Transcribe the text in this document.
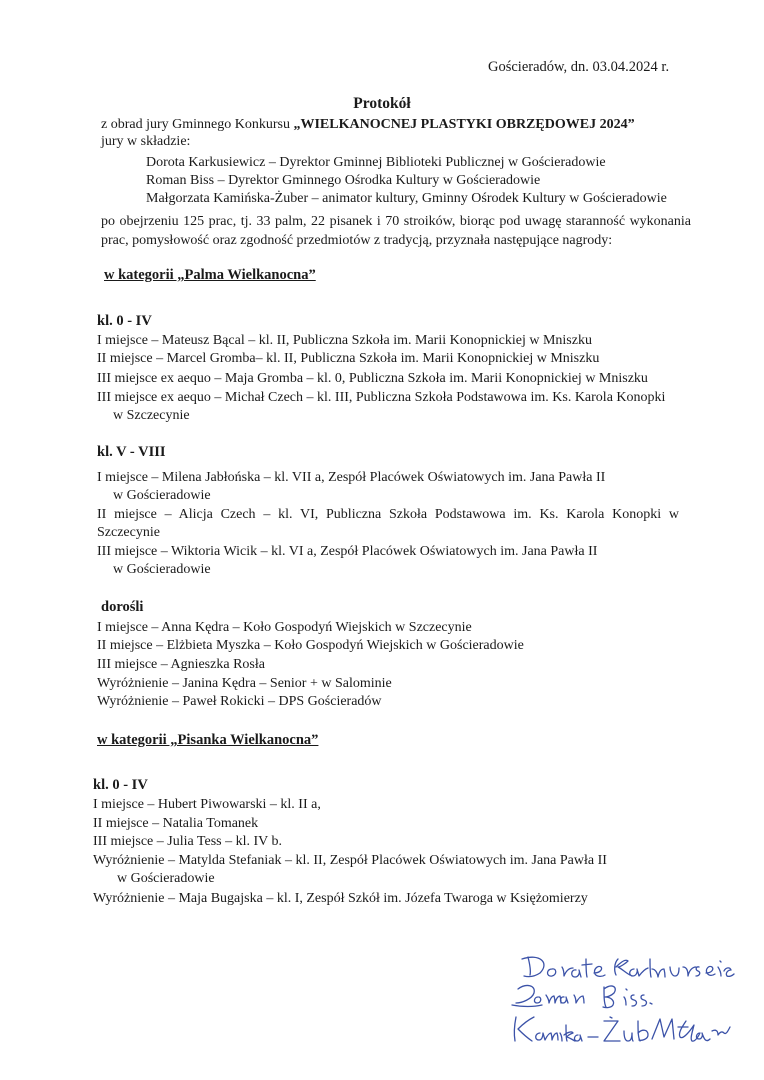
Gościeradów, dn. 03.04.2024 r.
Protokół
z obrad jury Gminnego Konkursu „WIELKANOCNEJ PLASTYKI OBRZĘDOWEJ 2024”
jury w składzie:
Dorota Karkusiewicz – Dyrektor Gminnej Biblioteki Publicznej w Gościeradowie
Roman Biss – Dyrektor Gminnego Ośrodka Kultury w Gościeradowie
Małgorzata Kamińska-Żuber – animator kultury, Gminny Ośrodek Kultury w Gościeradowie
po obejrzeniu 125 prac, tj. 33 palm, 22 pisanek i 70 stroików, biorąc pod uwagę staranność wykonania prac, pomysłowość oraz zgodność przedmiotów z tradycją, przyznała następujące nagrody:
w kategorii „Palma Wielkanocna”
kl. 0 - IV
I miejsce – Mateusz Bącal – kl. II, Publiczna Szkoła im. Marii Konopnickiej w Mniszku
II miejsce – Marcel Gromba– kl. II, Publiczna Szkoła im. Marii Konopnickiej w Mniszku
III miejsce ex aequo – Maja Gromba – kl. 0, Publiczna Szkoła im. Marii Konopnickiej w Mniszku
III miejsce ex aequo – Michał Czech – kl. III, Publiczna Szkoła Podstawowa im. Ks. Karola Konopki
w Szczecynie
kl. V - VIII
I miejsce – Milena Jabłońska – kl. VII a, Zespół Placówek Oświatowych im. Jana Pawła II
w Gościeradowie
II miejsce – Alicja Czech – kl. VI, Publiczna Szkoła Podstawowa im. Ks. Karola Konopki w
Szczecynie
III miejsce – Wiktoria Wicik – kl. VI a, Zespół Placówek Oświatowych im. Jana Pawła II
w Gościeradowie
dorośli
I miejsce – Anna Kędra – Koło Gospodyń Wiejskich w Szczecynie
II miejsce – Elżbieta Myszka – Koło Gospodyń Wiejskich w Gościeradowie
III miejsce – Agnieszka Rosła
Wyróżnienie – Janina Kędra – Senior + w Salominie
Wyróżnienie – Paweł Rokicki – DPS Gościeradów
w kategorii „Pisanka Wielkanocna”
kl. 0 - IV
I miejsce – Hubert Piwowarski – kl. II a,
II miejsce – Natalia Tomanek
III miejsce – Julia Tess – kl. IV b.
Wyróżnienie – Matylda Stefaniak – kl. II, Zespół Placówek Oświatowych im. Jana Pawła II
w Gościeradowie
Wyróżnienie – Maja Bugajska – kl. I, Zespół Szkół im. Józefa Twaroga w Księżomierzy
